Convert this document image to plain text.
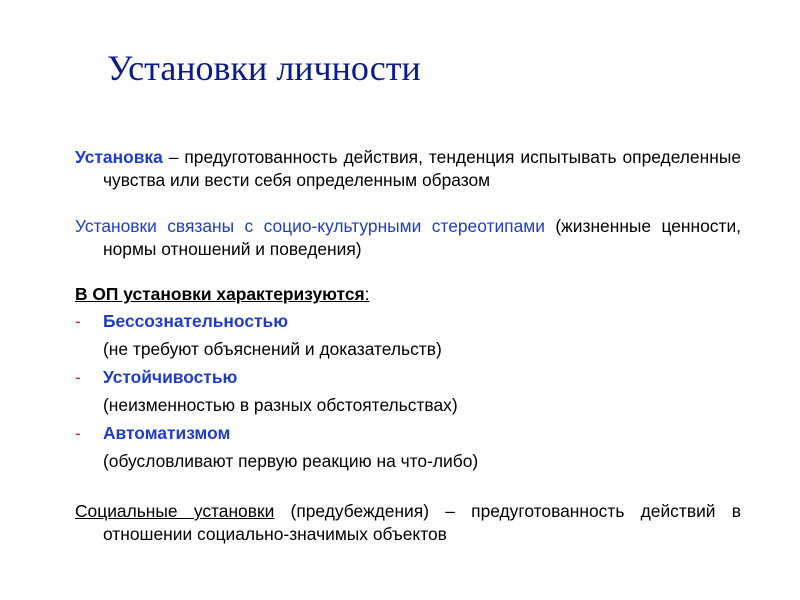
Установки личности

Установка – предуготованность действия, тенденция испытывать определенные чувства или вести себя определенным образом

Установки связаны с социо-культурными стереотипами (жизненные ценности, нормы отношений и поведения)

В ОП установки характеризуются:

- Бессознательностью
(не требуют объяснений и доказательств)
- Устойчивостью
(неизменностью в разных обстоятельствах)
- Автоматизмом
(обусловливают первую реакцию на что-либо)

Социальные установки (предубеждения) – предуготованность действий в отношении социально-значимых объектов
